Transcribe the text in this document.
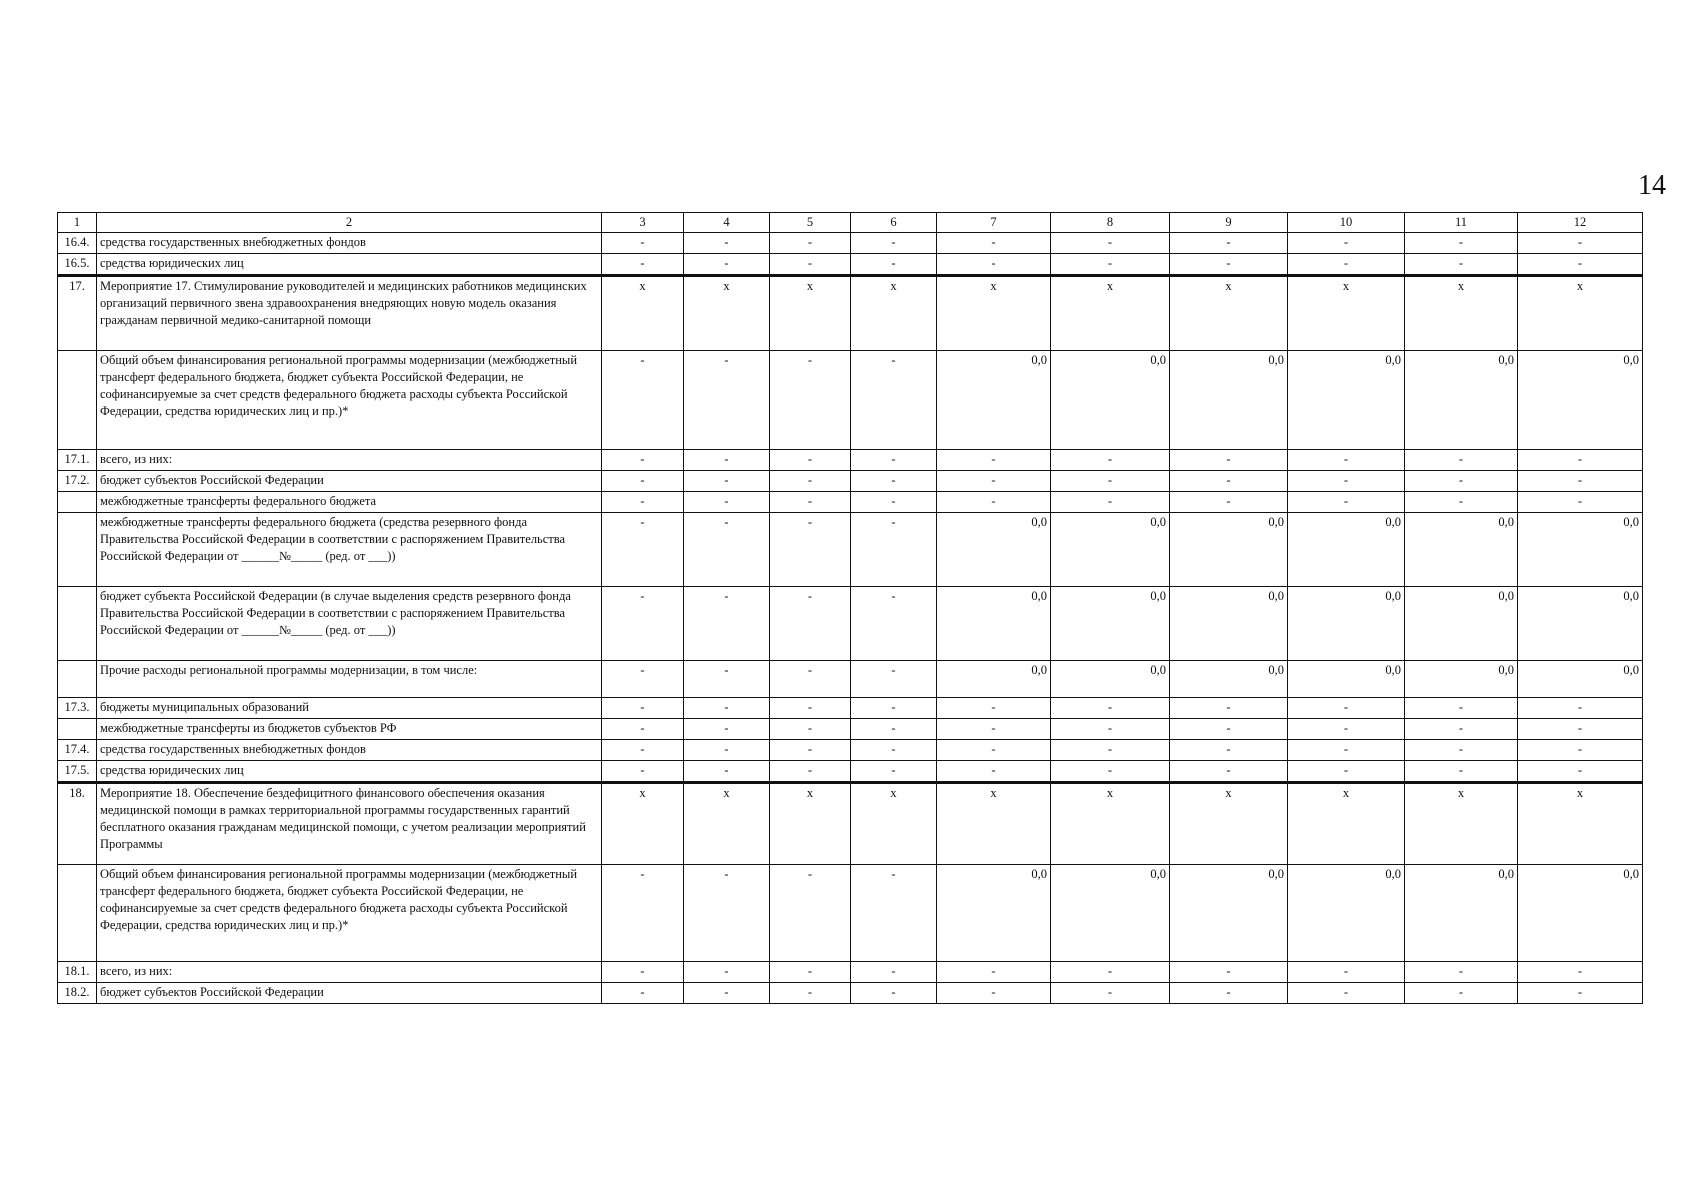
14
1	2	3	4	5	6	7	8	9	10	11	12
16.4.	средства государственных внебюджетных фондов	-	-	-	-	-	-	-	-	-	-
16.5.	средства юридических лиц	-	-	-	-	-	-	-	-	-	-
17.	Мероприятие 17. Стимулирование руководителей и медицинских работников медицинских организаций первичного звена здравоохранения внедряющих новую модель оказания гражданам первичной медико-санитарной помощи	x	x	x	x	x	x	x	x	x	x
	Общий объем финансирования региональной программы модернизации (межбюджетный трансферт федерального бюджета, бюджет субъекта Российской Федерации, не софинансируемые за счет средств федерального бюджета расходы субъекта Российской Федерации, средства юридических лиц и пр.)*	-	-	-	-	0,0	0,0	0,0	0,0	0,0	0,0
17.1.	всего, из них:	-	-	-	-	-	-	-	-	-	-
17.2.	бюджет субъектов Российской Федерации	-	-	-	-	-	-	-	-	-	-
	межбюджетные трансферты федерального бюджета	-	-	-	-	-	-	-	-	-	-
	межбюджетные трансферты федерального бюджета (средства резервного фонда Правительства Российской Федерации в соответствии с распоряжением Правительства Российской Федерации от ______№_____ (ред. от ___))	-	-	-	-	0,0	0,0	0,0	0,0	0,0	0,0
	бюджет субъекта Российской Федерации (в случае выделения средств резервного фонда Правительства Российской Федерации в соответствии с распоряжением Правительства Российской Федерации от ______№_____ (ред. от ___))	-	-	-	-	0,0	0,0	0,0	0,0	0,0	0,0
	Прочие расходы региональной программы модернизации, в том числе:	-	-	-	-	0,0	0,0	0,0	0,0	0,0	0,0
17.3.	бюджеты муниципальных образований	-	-	-	-	-	-	-	-	-	-
	межбюджетные трансферты из бюджетов субъектов РФ	-	-	-	-	-	-	-	-	-	-
17.4.	средства государственных внебюджетных фондов	-	-	-	-	-	-	-	-	-	-
17.5.	средства юридических лиц	-	-	-	-	-	-	-	-	-	-
18.	Мероприятие 18. Обеспечение бездефицитного финансового обеспечения оказания медицинской помощи в рамках территориальной программы государственных гарантий бесплатного оказания гражданам медицинской помощи, с учетом реализации мероприятий Программы	x	x	x	x	x	x	x	x	x	x
	Общий объем финансирования региональной программы модернизации (межбюджетный трансферт федерального бюджета, бюджет субъекта Российской Федерации, не софинансируемые за счет средств федерального бюджета расходы субъекта Российской Федерации, средства юридических лиц и пр.)*	-	-	-	-	0,0	0,0	0,0	0,0	0,0	0,0
18.1.	всего, из них:	-	-	-	-	-	-	-	-	-	-
18.2.	бюджет субъектов Российской Федерации	-	-	-	-	-	-	-	-	-	-
